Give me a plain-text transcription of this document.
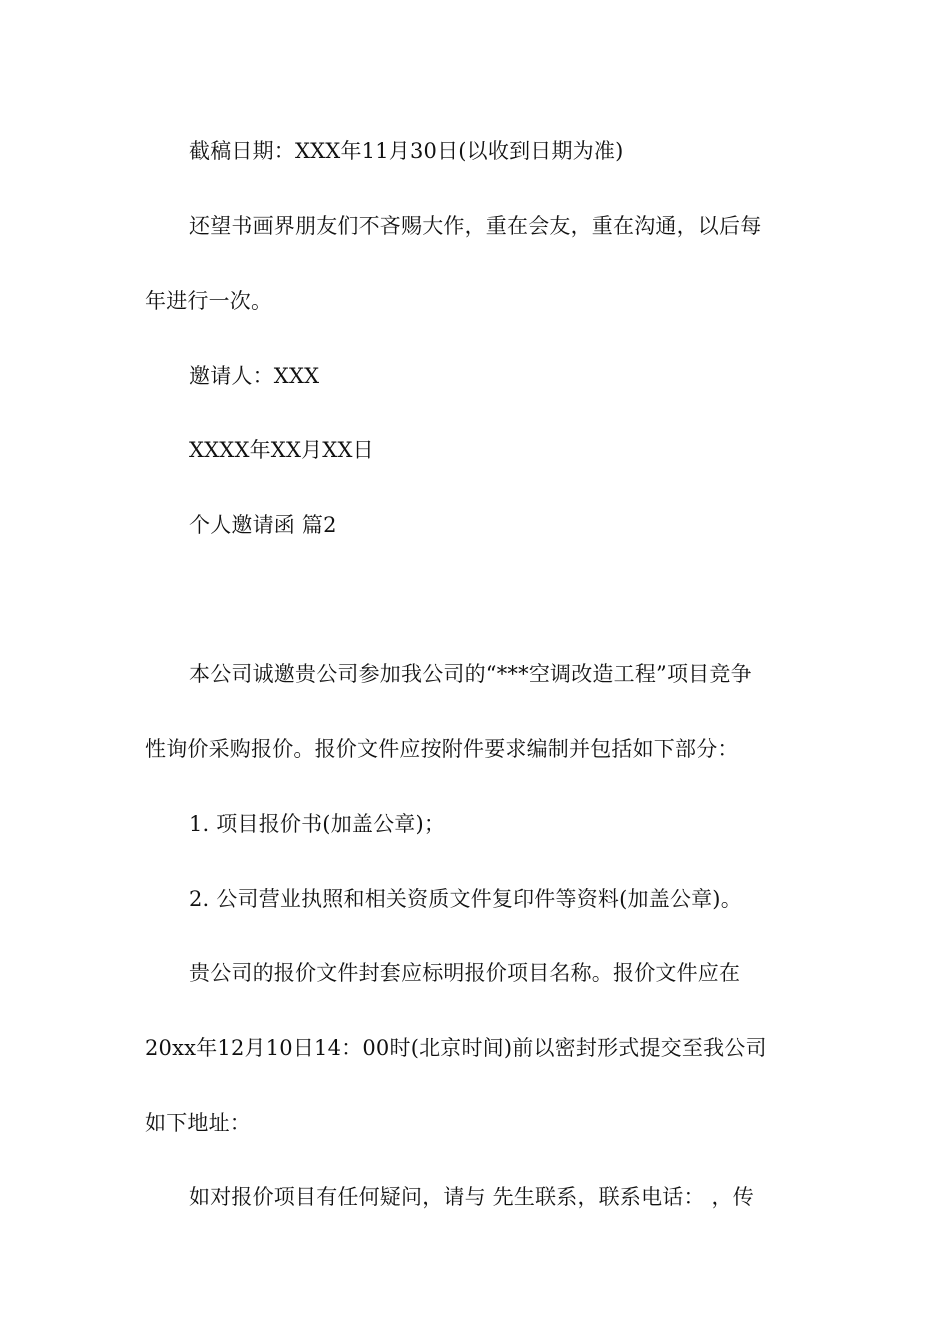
截稿日期：XXX年11月30日(以收到日期为准)
还望书画界朋友们不吝赐大作，重在会友，重在沟通，以后每
年进行一次。
邀请人：XXX
XXXX年XX月XX日
个人邀请函 篇2
本公司诚邀贵公司参加我公司的“***空调改造工程”项目竞争
性询价采购报价。报价文件应按附件要求编制并包括如下部分：
1. 项目报价书(加盖公章)；
2. 公司营业执照和相关资质文件复印件等资料(加盖公章)。
贵公司的报价文件封套应标明报价项目名称。报价文件应在
20xx年12月10日14：00时(北京时间)前以密封形式提交至我公司
如下地址：
如对报价项目有任何疑问，请与 先生联系，联系电话： ，传
